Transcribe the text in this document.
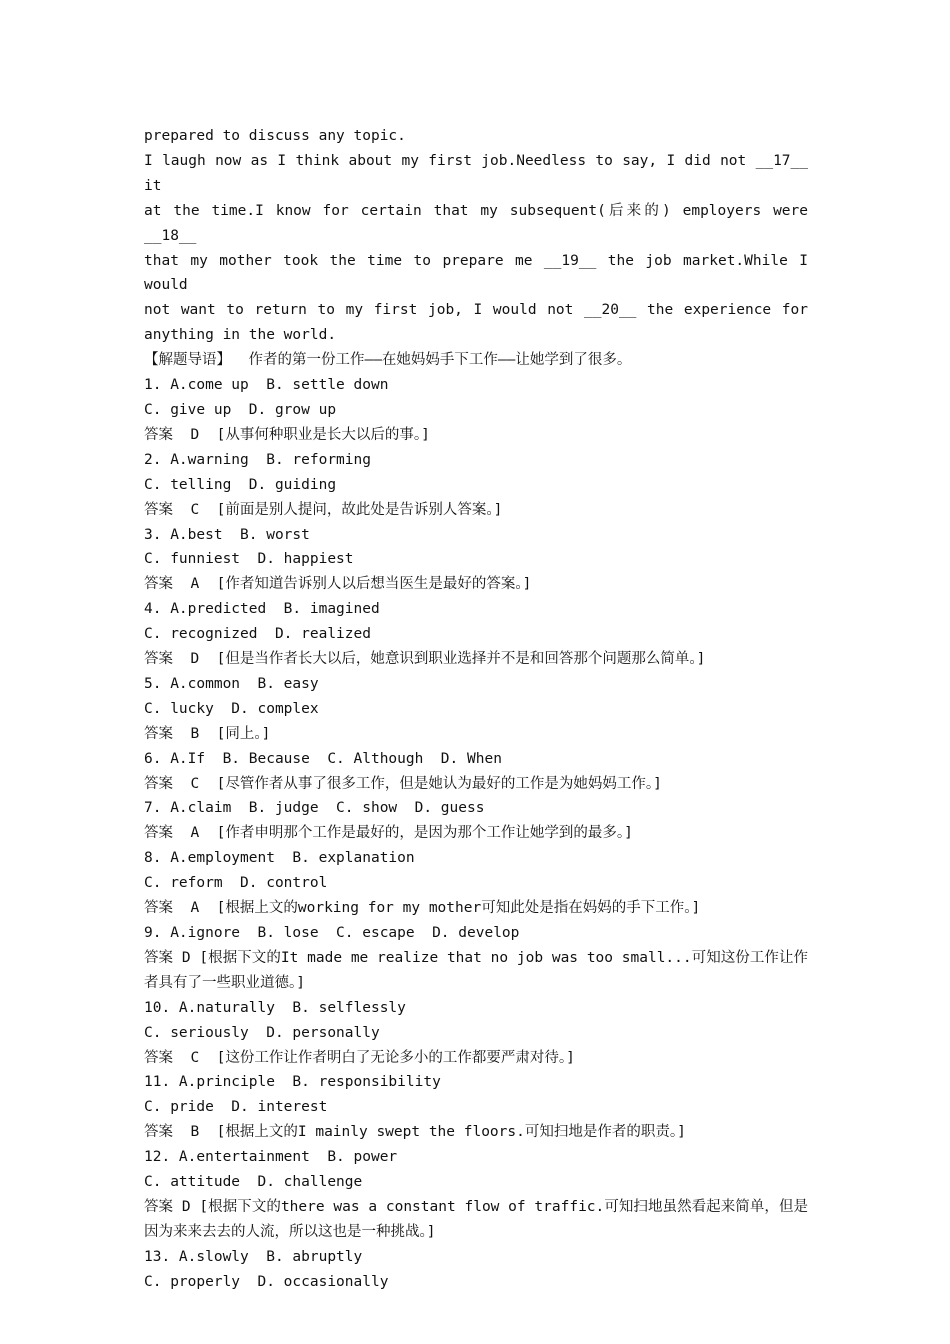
prepared to discuss any topic.
I laugh now as I think about my first job.Needless to say, I did not __17__ it
at the time.I know for certain that my subsequent(后来的) employers were __18__
that my mother took the time to prepare me __19__ the job market.While I would
not want to return to my first job, I would not __20__ the experience for
anything in the world.
【解题导语】  作者的第一份工作——在她妈妈手下工作——让她学到了很多。
1. A.come up  B. settle down
C. give up  D. grow up
答案  D  [从事何种职业是长大以后的事。]
2. A.warning  B. reforming
C. telling  D. guiding
答案  C  [前面是别人提问，故此处是告诉别人答案。]
3. A.best  B. worst
C. funniest  D. happiest
答案  A  [作者知道告诉别人以后想当医生是最好的答案。]
4. A.predicted  B. imagined
C. recognized  D. realized
答案  D  [但是当作者长大以后，她意识到职业选择并不是和回答那个问题那么简单。]
5. A.common  B. easy
C. lucky  D. complex
答案  B  [同上。]
6. A.If  B. Because  C. Although  D. When
答案  C  [尽管作者从事了很多工作，但是她认为最好的工作是为她妈妈工作。]
7. A.claim  B. judge  C. show  D. guess
答案  A  [作者申明那个工作是最好的，是因为那个工作让她学到的最多。]
8. A.employment  B. explanation
C. reform  D. control
答案  A  [根据上文的working for my mother可知此处是指在妈妈的手下工作。]
9. A.ignore  B. lose  C. escape  D. develop
答案 D [根据下文的It made me realize that no job was too small...可知这份工作让作者具有了一些职业道德。]
10. A.naturally  B. selflessly
C. seriously  D. personally
答案  C  [这份工作让作者明白了无论多小的工作都要严肃对待。]
11. A.principle  B. responsibility
C. pride  D. interest
答案  B  [根据上文的I mainly swept the floors.可知扫地是作者的职责。]
12. A.entertainment  B. power
C. attitude  D. challenge
答案 D [根据下文的there was a constant flow of traffic.可知扫地虽然看起来简单，但是因为来来去去的人流，所以这也是一种挑战。]
13. A.slowly  B. abruptly
C. properly  D. occasionally
